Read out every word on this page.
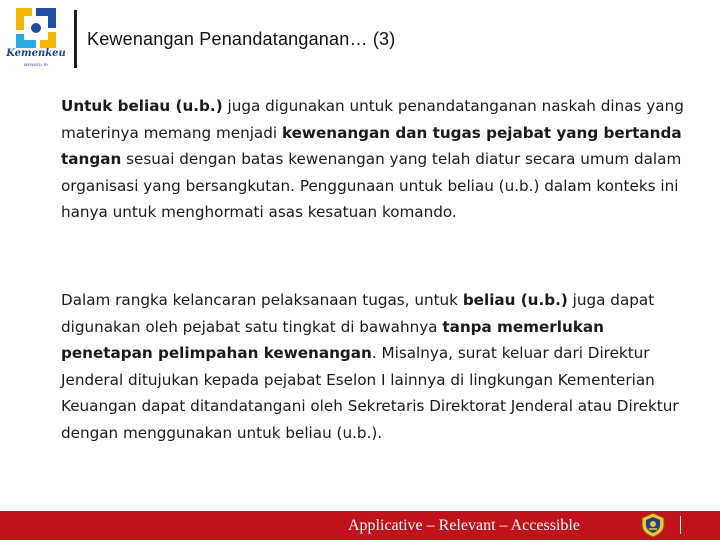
Kemenkeu
MENKEU RI
Kewenangan Penandatanganan… (3)
Untuk beliau (u.b.) juga digunakan untuk penandatanganan naskah dinas yang materinya memang menjadi kewenangan dan tugas pejabat yang bertanda tangan sesuai dengan batas kewenangan yang telah diatur secara umum dalam organisasi yang bersangkutan. Penggunaan untuk beliau (u.b.) dalam konteks ini hanya untuk menghormati asas kesatuan komando.
Dalam rangka kelancaran pelaksanaan tugas, untuk beliau (u.b.) juga dapat digunakan oleh pejabat satu tingkat di bawahnya tanpa memerlukan penetapan pelimpahan kewenangan. Misalnya, surat keluar dari Direktur Jenderal ditujukan kepada pejabat Eselon I lainnya di lingkungan Kementerian Keuangan dapat ditandatangani oleh Sekretaris Direktorat Jenderal atau Direktur dengan menggunakan untuk beliau (u.b.).
Applicative – Relevant – Accessible
